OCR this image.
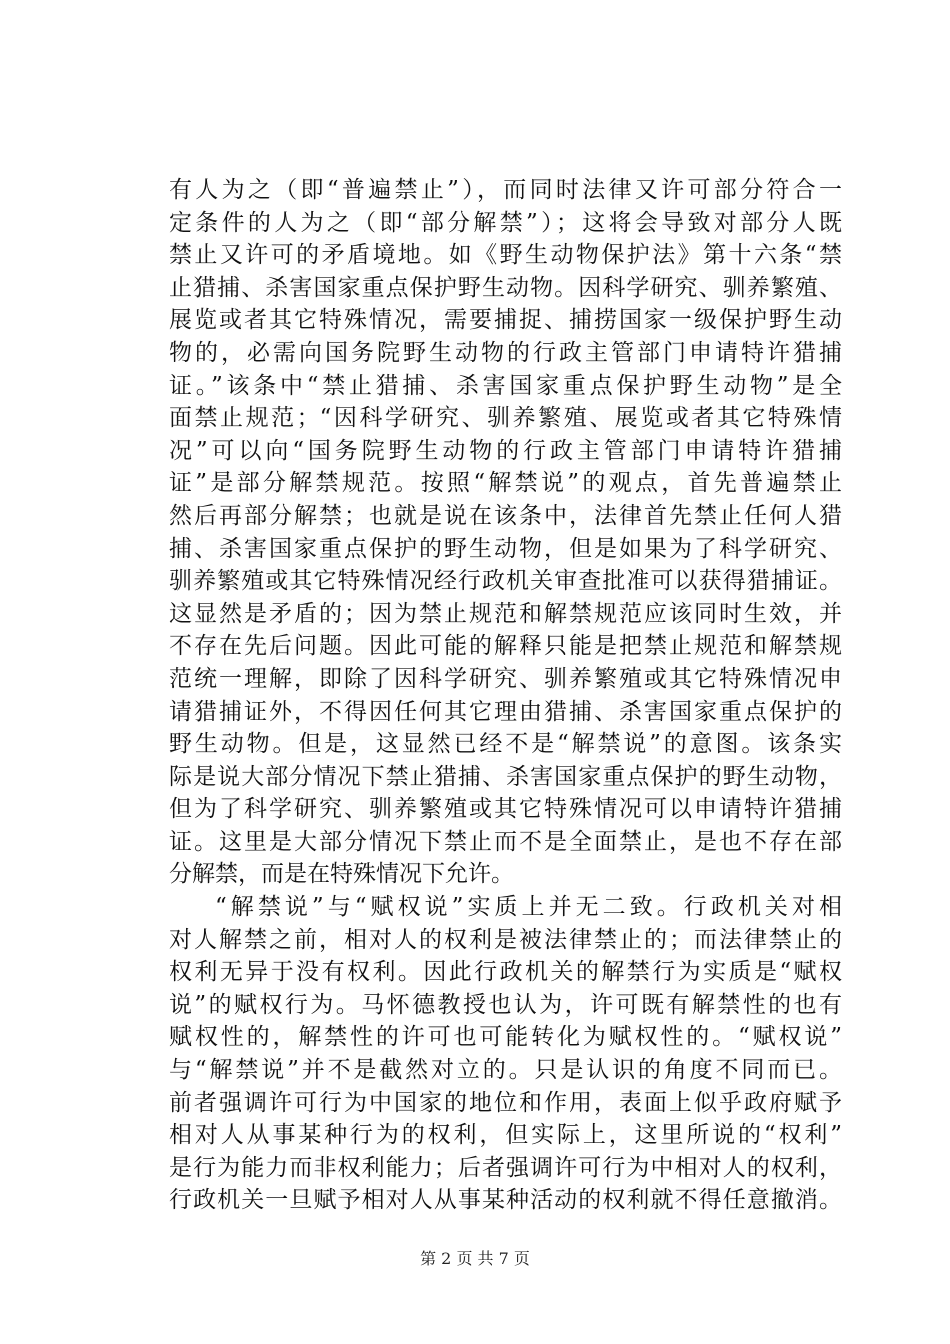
有人为之（即“普遍禁止”），而同时法律又许可部分符合一
定条件的人为之（即“部分解禁”）；这将会导致对部分人既
禁止又许可的矛盾境地。如《野生动物保护法》第十六条“禁
止猎捕、杀害国家重点保护野生动物。因科学研究、驯养繁殖、
展览或者其它特殊情况，需要捕捉、捕捞国家一级保护野生动
物的，必需向国务院野生动物的行政主管部门申请特许猎捕
证。”该条中“禁止猎捕、杀害国家重点保护野生动物”是全
面禁止规范；“因科学研究、驯养繁殖、展览或者其它特殊情
况”可以向“国务院野生动物的行政主管部门申请特许猎捕
证”是部分解禁规范。按照“解禁说”的观点，首先普遍禁止
然后再部分解禁；也就是说在该条中，法律首先禁止任何人猎
捕、杀害国家重点保护的野生动物，但是如果为了科学研究、
驯养繁殖或其它特殊情况经行政机关审查批准可以获得猎捕证。
这显然是矛盾的；因为禁止规范和解禁规范应该同时生效，并
不存在先后问题。因此可能的解释只能是把禁止规范和解禁规
范统一理解，即除了因科学研究、驯养繁殖或其它特殊情况申
请猎捕证外，不得因任何其它理由猎捕、杀害国家重点保护的
野生动物。但是，这显然已经不是“解禁说”的意图。该条实
际是说大部分情况下禁止猎捕、杀害国家重点保护的野生动物，
但为了科学研究、驯养繁殖或其它特殊情况可以申请特许猎捕
证。这里是大部分情况下禁止而不是全面禁止，是也不存在部
分解禁，而是在特殊情况下允许。
“解禁说”与“赋权说”实质上并无二致。行政机关对相
对人解禁之前，相对人的权利是被法律禁止的；而法律禁止的
权利无异于没有权利。因此行政机关的解禁行为实质是“赋权
说”的赋权行为。马怀德教授也认为，许可既有解禁性的也有
赋权性的，解禁性的许可也可能转化为赋权性的。“赋权说”
与“解禁说”并不是截然对立的。只是认识的角度不同而已。
前者强调许可行为中国家的地位和作用，表面上似乎政府赋予
相对人从事某种行为的权利，但实际上，这里所说的“权利”
是行为能力而非权利能力；后者强调许可行为中相对人的权利，
行政机关一旦赋予相对人从事某种活动的权利就不得任意撤消。
第 2 页 共 7 页
